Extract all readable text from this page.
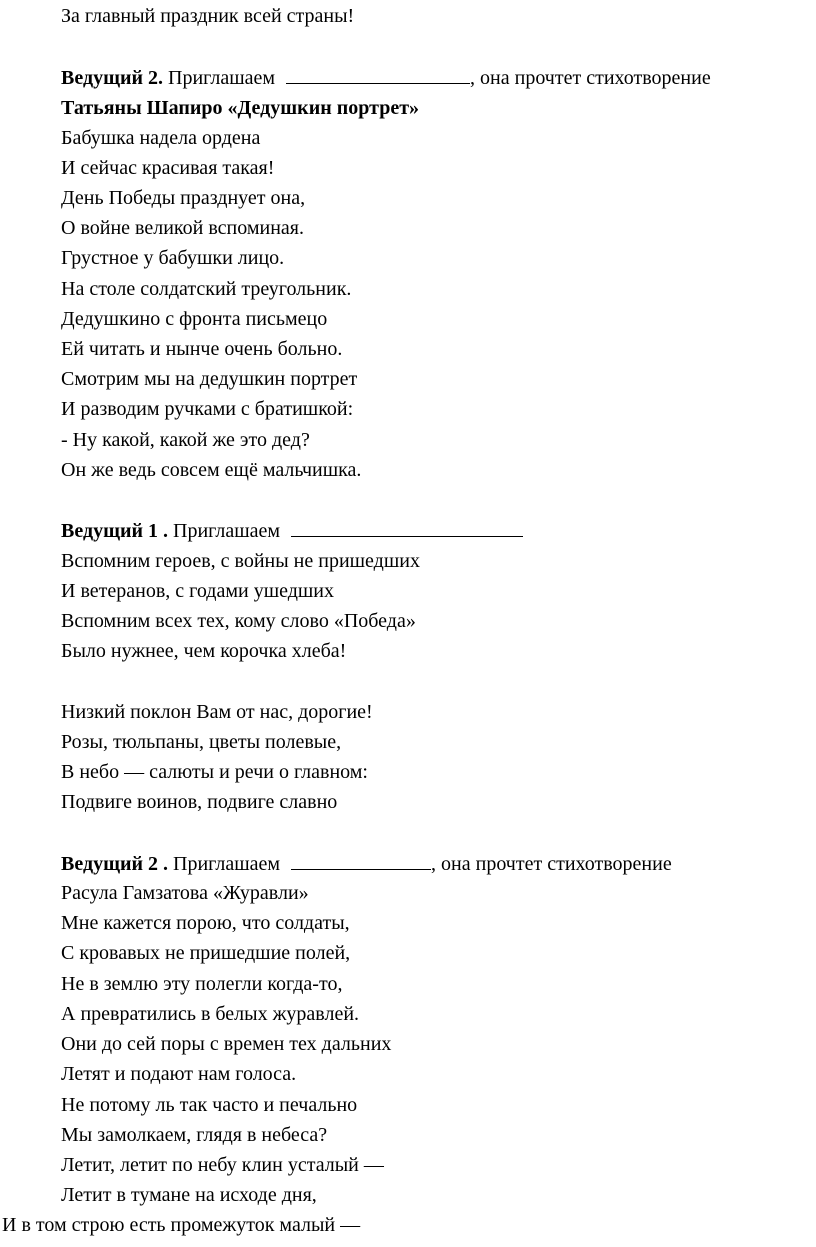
За главный праздник всей страны!
Ведущий 2. Приглашаем	, она прочтет стихотворение
Татьяны Шапиро «Дедушкин портрет»
Бабушка надела ордена
И сейчас красивая такая!
День Победы празднует она,
О войне великой вспоминая.
Грустное у бабушки лицо.
На столе солдатский треугольник.
Дедушкино с фронта письмецо
Ей читать и нынче очень больно.
Смотрим мы на дедушкин портрет
И разводим ручками с братишкой:
- Ну какой, какой же это дед?
Он же ведь совсем ещё мальчишка.
Ведущий 1 . Приглашаем
Вспомним героев, с войны не пришедших
И ветеранов, с годами ушедших
Вспомним всех тех, кому слово «Победа»
Было нужнее, чем корочка хлеба!
Низкий поклон Вам от нас, дорогие!
Розы, тюльпаны, цветы полевые,
В небо — салюты и речи о главном:
Подвиге воинов, подвиге славно
Ведущий 2 . Приглашаем	, она прочтет стихотворение
Расула Гамзатова «Журавли»
Мне кажется порою, что солдаты,
С кровавых не пришедшие полей,
Не в землю эту полегли когда-то,
А превратились в белых журавлей.
Они до сей поры с времен тех дальних
Летят и подают нам голоса.
Не потому ль так часто и печально
Мы замолкаем, глядя в небеса?
Летит, летит по небу клин усталый —
Летит в тумане на исходе дня,
И в том строю есть промежуток малый —
